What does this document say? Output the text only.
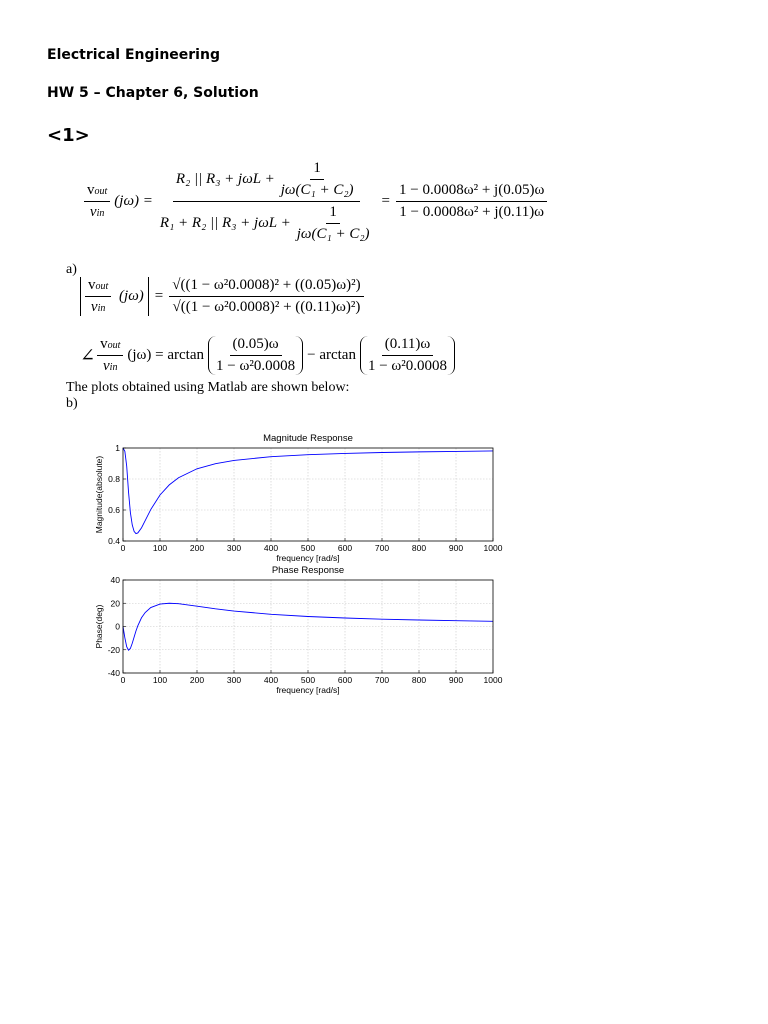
Electrical Engineering
HW 5 – Chapter 6, Solution
<1>
$\frac{\text{vout}}{\text{vin}} (j\omega) = \frac{R_2 || R_3 + j\omega L + \frac{1}{\text{jω(C₁ + C₂)}}}{R_1 + R_2 || R_3 + j\omega L + \frac{1}{\text{jω(C₁ + C₂)}}} = \frac{\text{1 − 0.0008ω² + j(0.05)ω}}{\text{1 − 0.0008ω² + j(0.11)ω}}$
a)
$\frac{\text{vout}}{\text{vin}} (j\omega) = \frac{\text{√((1 − ω²0.0008)² + ((0.05)ω)²)}}{\text{√((1 − ω²0.0008)² + ((0.11)ω)²)}}$
∠ $\frac{\text{vout}}{\text{vin}} (j\omega) = \arctan \frac{(0.05)\omega}{\text{1 − ω²0.0008}} - \arctan \frac{(0.11)\omega}{\text{1 − ω²0.0008}}$
The plots obtained using Matlab are shown below:
b)
Magnitude Response
0	100	200	300	400	500	600	700	800	900 1000
0.4
0.6
0.8
1
frequency [rad/s]
Magnitude(absolute)
Phase Response
0	100	200	300	400	500	600	700	800	900 1000
-40
-20
0
20
40
frequency [rad/s]
Phase(deg)
